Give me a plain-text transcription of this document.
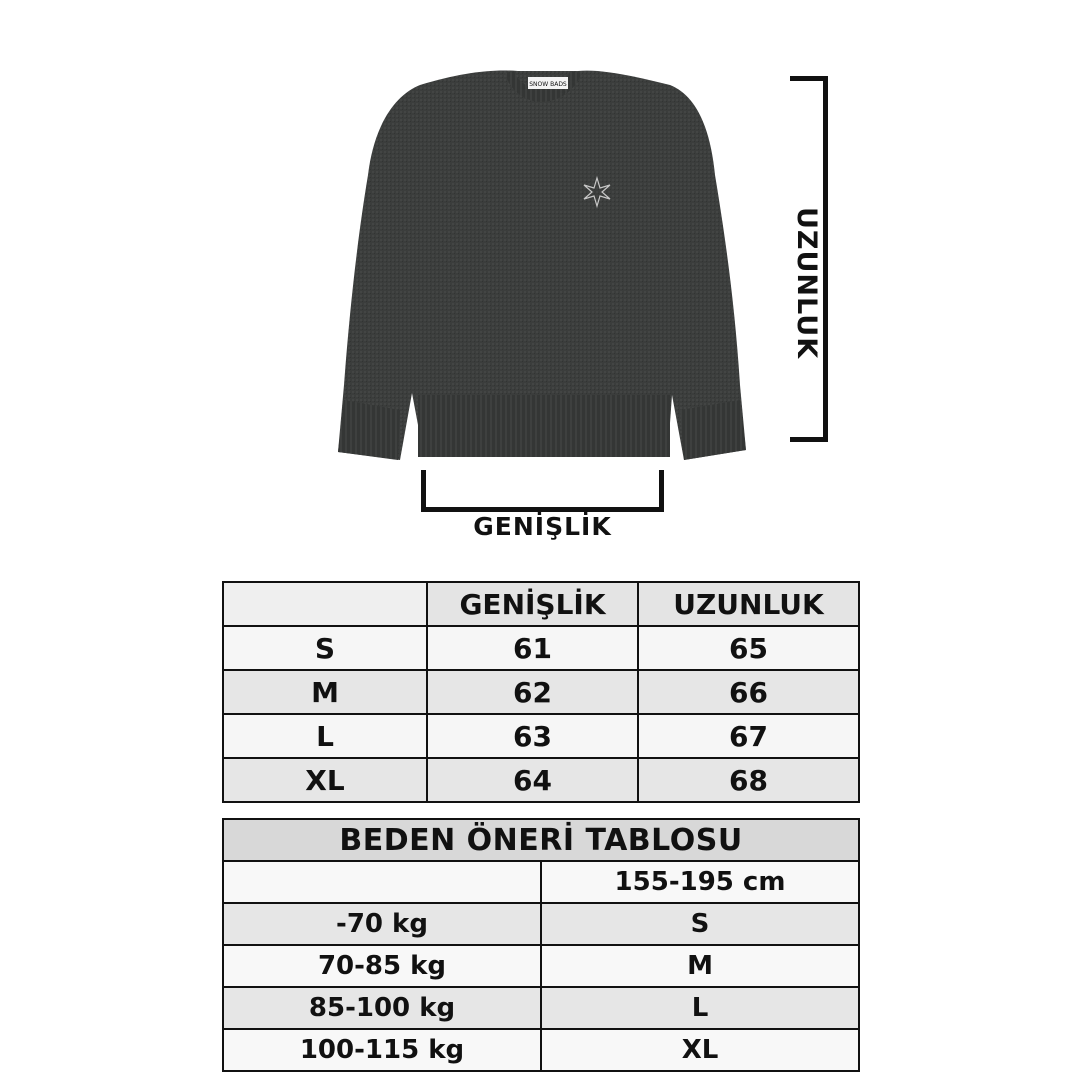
SNOW BADS
UZUNLUK
GENİŞLİK
	GENİŞLİK	UZUNLUK
S	61	65
M	62	66
L	63	67
XL	64	68
BEDEN ÖNERİ TABLOSU	
	155-195 cm
-70 kg	S
70-85 kg	M
85-100 kg	L
100-115 kg	XL
